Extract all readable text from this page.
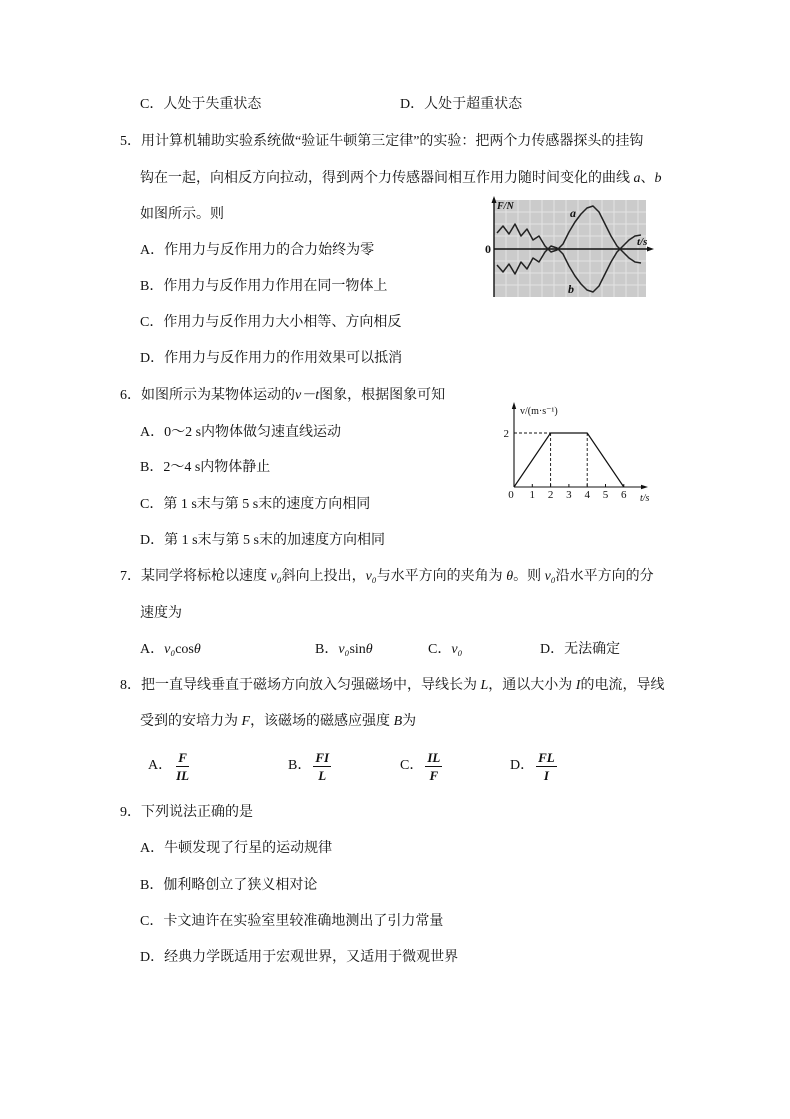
C．人处于失重状态	D．人处于超重状态
5．用计算机辅助实验系统做“验证牛顿第三定律”的实验：把两个力传感器探头的挂钩
钩在一起，向相反方向拉动，得到两个力传感器间相互作用力随时间变化的曲线 a、b
如图所示。则
A．作用力与反作用力的合力始终为零
B．作用力与反作用力作用在同一物体上
C．作用力与反作用力大小相等、方向相反
D．作用力与反作用力的作用效果可以抵消
F/N
0	t/s
a
b
6．如图所示为某物体运动的v－t图象，根据图象可知
A．0～2 s内物体做匀速直线运动
B．2～4 s内物体静止
C．第 1 s末与第 5 s末的速度方向相同
D．第 1 s末与第 5 s末的加速度方向相同
v/(m·s⁻¹)
2
0 1 2 3 4 5 6 t/s
7．某同学将标枪以速度 v₀斜向上投出，v₀与水平方向的夹角为 θ。则 v₀沿水平方向的分
速度为
A．v₀cosθ	B．v₀sinθ	C．v₀	D．无法确定
8．把一直导线垂直于磁场方向放入匀强磁场中，导线长为 L，通以大小为 I的电流，导线
受到的安培力为 F，该磁场的磁感应强度 B为
A． $\frac{F}{IL}$	B． $\frac{FI}{L}$	C． $\frac{IL}{F}$	D． $\frac{FL}{I}$
9．下列说法正确的是
A．牛顿发现了行星的运动规律
B．伽利略创立了狭义相对论
C．卡文迪许在实验室里较准确地测出了引力常量
D．经典力学既适用于宏观世界，又适用于微观世界
